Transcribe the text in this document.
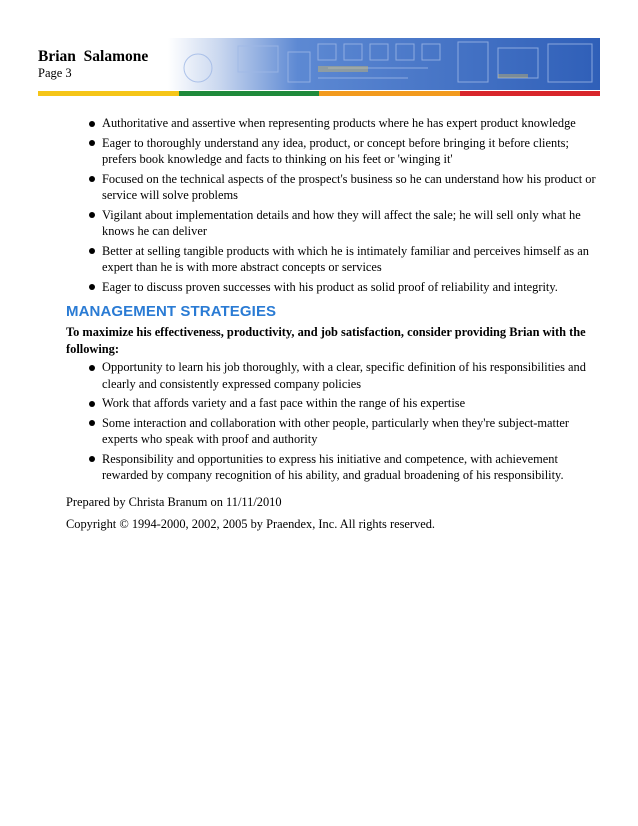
Brian  Salamone
Page 3
Authoritative and assertive when representing products where he has expert product knowledge
Eager to thoroughly understand any idea, product, or concept before bringing it before clients; prefers book knowledge and facts to thinking on his feet or 'winging it'
Focused on the technical aspects of the prospect's business so he can understand how his product or service will solve problems
Vigilant about implementation details and how they will affect the sale; he will sell only what he knows he can deliver
Better at selling tangible products with which he is intimately familiar and perceives himself as an expert than he is with more abstract concepts or services
Eager to discuss proven successes with his product as solid proof of reliability and integrity.
MANAGEMENT STRATEGIES
To maximize his effectiveness, productivity, and job satisfaction, consider providing Brian with the following:
Opportunity to learn his job thoroughly, with a clear, specific definition of his responsibilities and clearly and consistently expressed company policies
Work that affords variety and a fast pace within the range of his expertise
Some interaction and collaboration with other people, particularly when they're subject-matter experts who speak with proof and authority
Responsibility and opportunities to express his initiative and competence, with achievement rewarded by company recognition of his ability, and gradual broadening of his responsibility.
Prepared by Christa Branum on 11/11/2010
Copyright © 1994-2000, 2002, 2005 by Praendex, Inc. All rights reserved.
